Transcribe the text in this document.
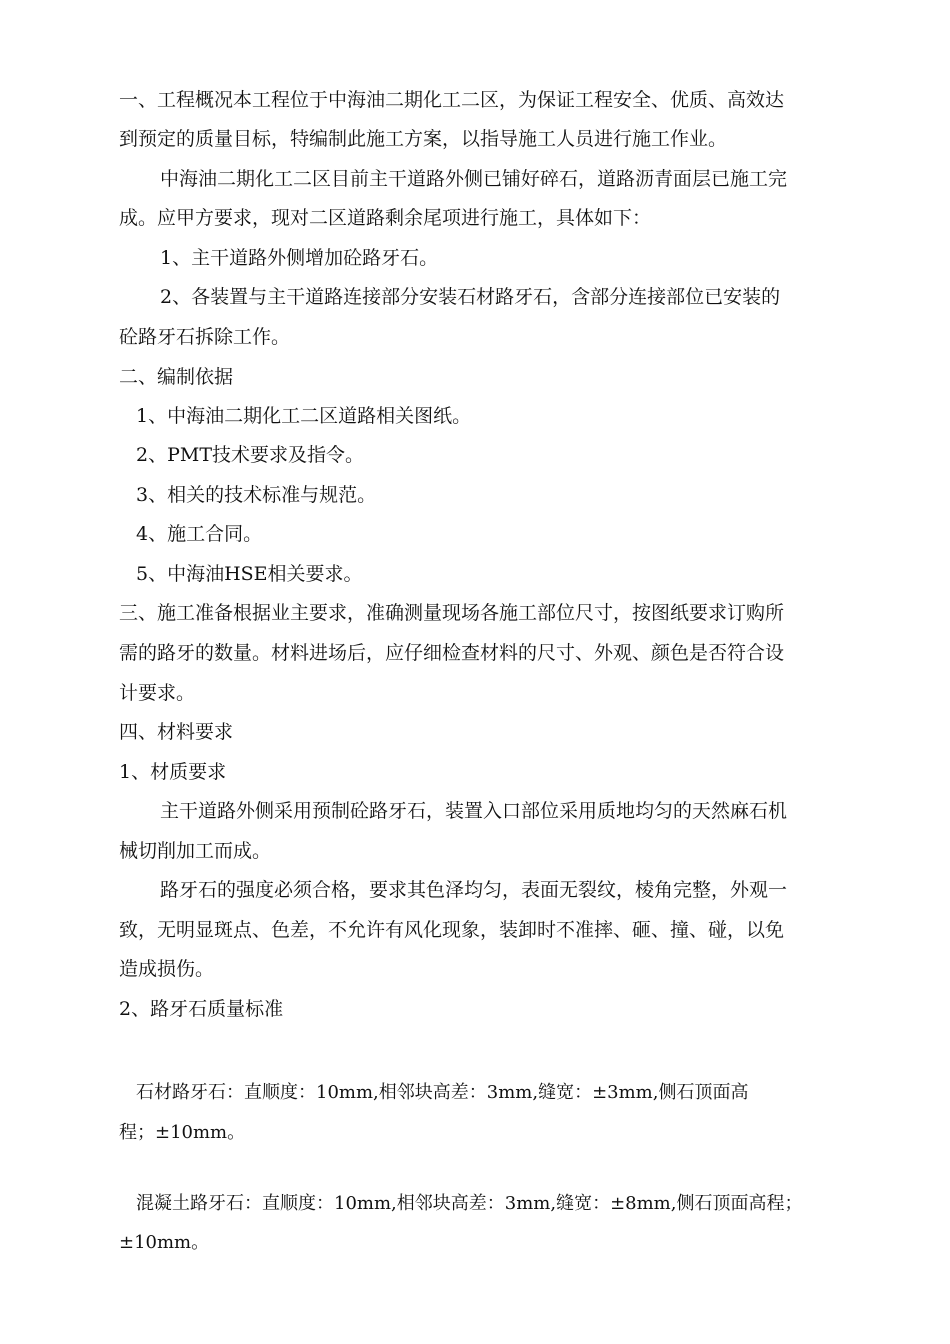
一、工程概况本工程位于中海油二期化工二区，为保证工程安全、优质、高效达

到预定的质量目标，特编制此施工方案，以指导施工人员进行施工作业。

中海油二期化工二区目前主干道路外侧已铺好碎石，道路沥青面层已施工完

成。应甲方要求，现对二区道路剩余尾项进行施工，具体如下：

1、主干道路外侧增加砼路牙石。

2、各装置与主干道路连接部分安装石材路牙石，含部分连接部位已安装的

砼路牙石拆除工作。

二、编制依据

1、中海油二期化工二区道路相关图纸。

2、PMT技术要求及指令。

3、相关的技术标准与规范。

4、施工合同。

5、中海油HSE相关要求。

三、施工准备根据业主要求，准确测量现场各施工部位尺寸，按图纸要求订购所

需的路牙的数量。材料进场后，应仔细检查材料的尺寸、外观、颜色是否符合设

计要求。

四、材料要求

1、材质要求

主干道路外侧采用预制砼路牙石，装置入口部位采用质地均匀的天然麻石机

械切削加工而成。

路牙石的强度必须合格，要求其色泽均匀，表面无裂纹，棱角完整，外观一

致，无明显斑点、色差，不允许有风化现象，装卸时不准摔、砸、撞、碰，以免

造成损伤。

2、路牙石质量标准

石材路牙石：直顺度：10mm,相邻块高差：3mm,缝宽：±3mm,侧石顶面高

程；±10mm。

混凝土路牙石：直顺度：10mm,相邻块高差：3mm,缝宽：±8mm,侧石顶面高程；

±10mm。
